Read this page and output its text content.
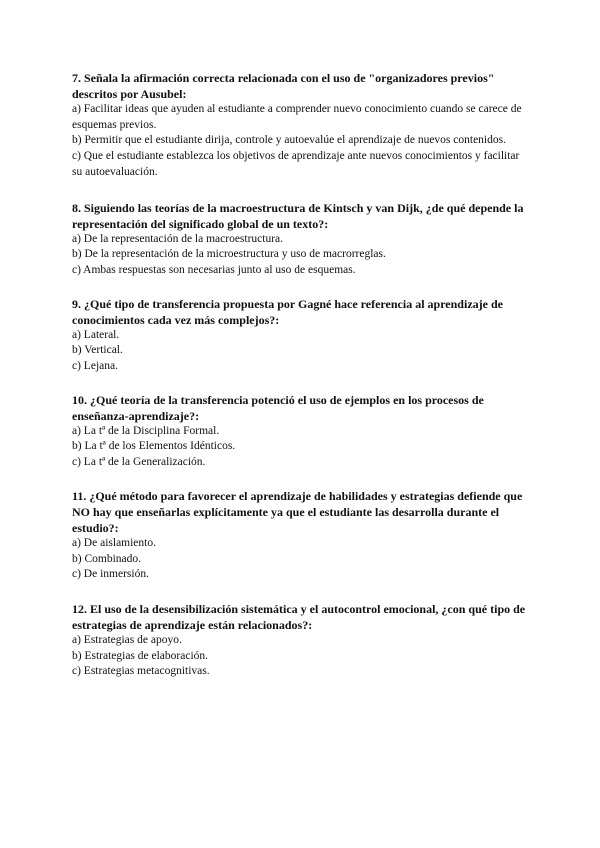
7. Señala la afirmación correcta relacionada con el uso de "organizadores previos" descritos por Ausubel:

a) Facilitar ideas que ayuden al estudiante a comprender nuevo conocimiento cuando se carece de esquemas previos.

b) Permitir que el estudiante dirija, controle y autoevalúe el aprendizaje de nuevos contenidos.

c) Que el estudiante establezca los objetivos de aprendizaje ante nuevos conocimientos y facilitar su autoevaluación.

8. Siguiendo las teorías de la macroestructura de Kintsch y van Dijk, ¿de qué depende la representación del significado global de un texto?:

a) De la representación de la macroestructura.

b) De la representación de la microestructura y uso de macrorreglas.

c) Ambas respuestas son necesarias junto al uso de esquemas.

9. ¿Qué tipo de transferencia propuesta por Gagné hace referencia al aprendizaje de conocimientos cada vez más complejos?:

a) Lateral.

b) Vertical.

c) Lejana.

10. ¿Qué teoría de la transferencia potenció el uso de ejemplos en los procesos de enseñanza-aprendizaje?:

a) La tª de la Disciplina Formal.

b) La tª de los Elementos Idénticos.

c) La tª de la Generalización.

11. ¿Qué método para favorecer el aprendizaje de habilidades y estrategias defiende que NO hay que enseñarlas explícitamente ya que el estudiante las desarrolla durante el estudio?:

a) De aislamiento.

b) Combinado.

c) De inmersión.

12. El uso de la desensibilización sistemática y el autocontrol emocional, ¿con qué tipo de estrategias de aprendizaje están relacionados?:

a) Estrategias de apoyo.

b) Estrategias de elaboración.

c) Estrategias metacognitivas.
